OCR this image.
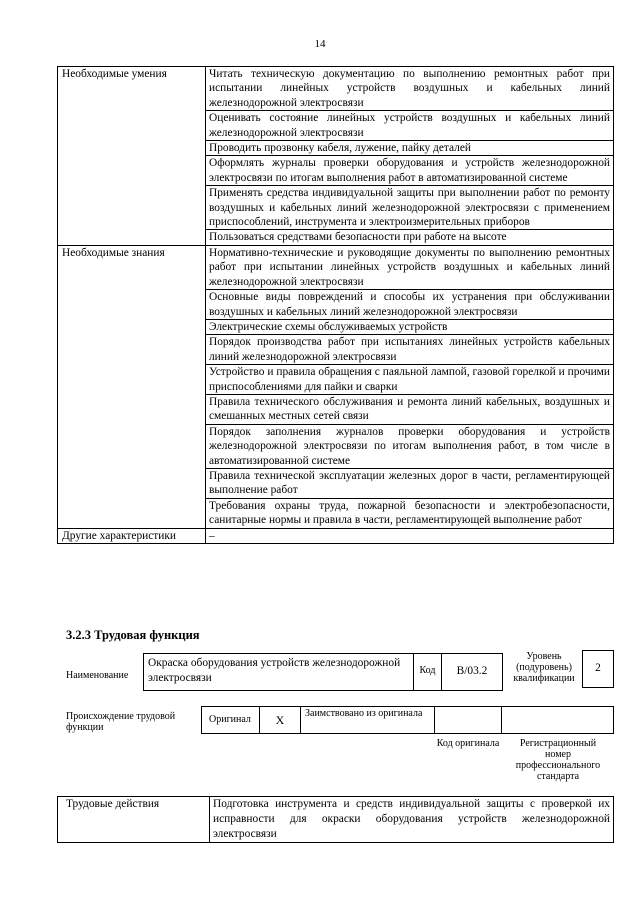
14
Необходимые умения	Читать техническую документацию по выполнению ремонтных работ при испытании линейных устройств воздушных и кабельных линий железнодорожной электросвязи
	Оценивать состояние линейных устройств воздушных и кабельных линий железнодорожной электросвязи
	Проводить прозвонку кабеля, лужение, пайку деталей
	Оформлять журналы проверки оборудования и устройств железнодорожной электросвязи по итогам выполнения работ в автоматизированной системе
	Применять средства индивидуальной защиты при выполнении работ по ремонту воздушных и кабельных линий железнодорожной электросвязи с применением приспособлений, инструмента и электроизмерительных приборов
	Пользоваться средствами безопасности при работе на высоте
Необходимые знания	Нормативно-технические и руководящие документы по выполнению ремонтных работ при испытании линейных устройств воздушных и кабельных линий железнодорожной электросвязи
	Основные виды повреждений и способы их устранения при обслуживании воздушных и кабельных линий железнодорожной электросвязи
	Электрические схемы обслуживаемых устройств
	Порядок производства работ при испытаниях линейных устройств кабельных линий железнодорожной электросвязи
	Устройство и правила обращения с паяльной лампой, газовой горелкой и прочими приспособлениями для пайки и сварки
	Правила технического обслуживания и ремонта линий кабельных, воздушных и смешанных местных сетей связи
	Порядок заполнения журналов проверки оборудования и устройств железнодорожной электросвязи по итогам выполнения работ, в том числе в автоматизированной системе
	Правила технической эксплуатации железных дорог в части, регламентирующей выполнение работ
	Требования охраны труда, пожарной безопасности и электробезопасности, санитарные нормы и правила в части, регламентирующей выполнение работ
Другие характеристики	–
3.2.3 Трудовая функция
Наименование
Окраска оборудования устройств железнодорожной электросвязи
Код	B/03.2
Уровень (подуровень) квалификации
2
Происхождение трудовой функции
Оригинал	X	Заимствовано из оригинала
Код оригинала	Регистрационный номер профессионального стандарта
Трудовые действия	Подготовка инструмента и средств индивидуальной защиты с проверкой их исправности для окраски оборудования устройств железнодорожной электросвязи
